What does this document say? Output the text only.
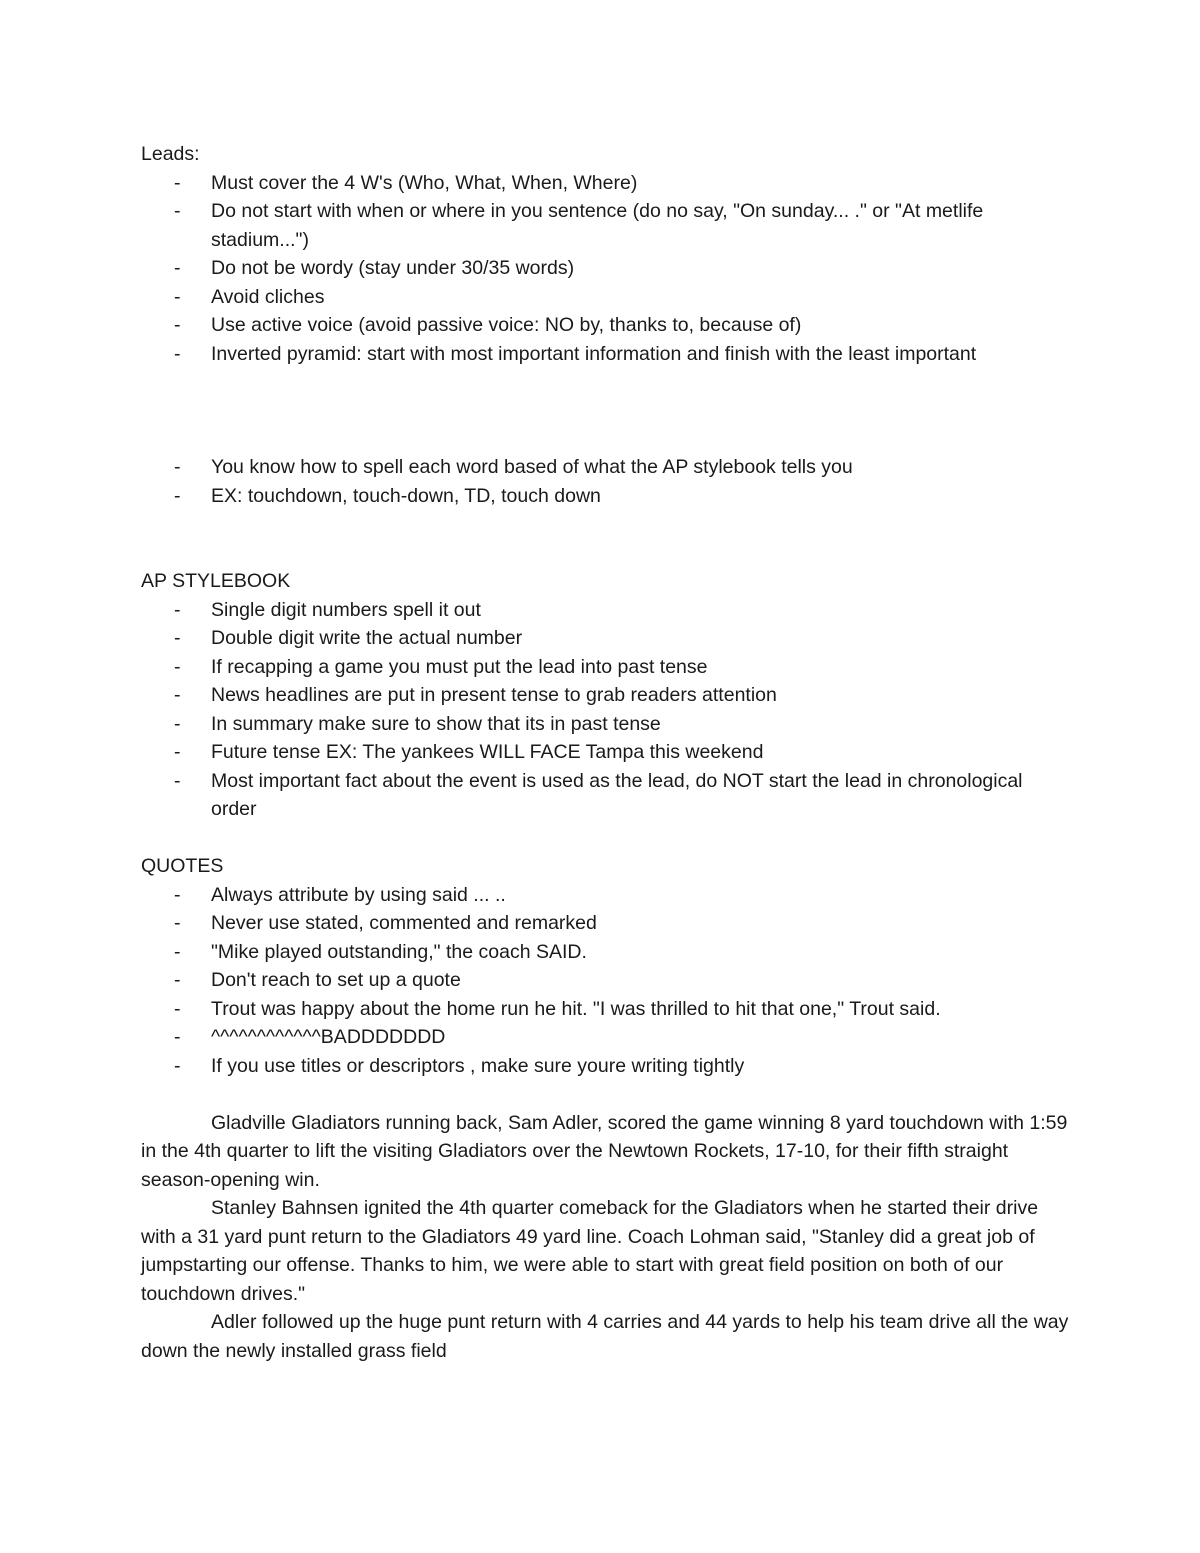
Leads:

- Must cover the 4 W's (Who, What, When, Where)
- Do not start with when or where in you sentence (do no say, "On sunday... ." or "At metlife stadium...")
- Do not be wordy (stay under 30/35 words)
- Avoid cliches
- Use active voice (avoid passive voice: NO by, thanks to, because of)
- Inverted pyramid: start with most important information and finish with the least important
- You know how to spell each word based of what the AP stylebook tells you
- EX: touchdown, touch-down, TD, touch down

AP STYLEBOOK

- Single digit numbers spell it out
- Double digit write the actual number
- If recapping a game you must put the lead into past tense
- News headlines are put in present tense to grab readers attention
- In summary make sure to show that its in past tense
- Future tense EX: The yankees WILL FACE Tampa this weekend
- Most important fact about the event is used as the lead, do NOT start the lead in chronological order

QUOTES

- Always attribute by using said ... ..
- Never use stated, commented and remarked
- "Mike played outstanding," the coach SAID.
- Don't reach to set up a quote
- Trout was happy about the home run he hit. "I was thrilled to hit that one," Trout said.
- ^^^^^^^^^^^^BADDDDDDD
- If you use titles or descriptors , make sure youre writing tightly

Gladville Gladiators running back, Sam Adler, scored the game winning 8 yard touchdown with 1:59 in the 4th quarter to lift the visiting Gladiators over the Newtown Rockets, 17-10, for their fifth straight season-opening win.

Stanley Bahnsen ignited the 4th quarter comeback for the Gladiators when he started their drive with a 31 yard punt return to the Gladiators 49 yard line. Coach Lohman said, "Stanley did a great job of jumpstarting our offense. Thanks to him, we were able to start with great field position on both of our touchdown drives."

Adler followed up the huge punt return with 4 carries and 44 yards to help his team drive all the way down the newly installed grass field
